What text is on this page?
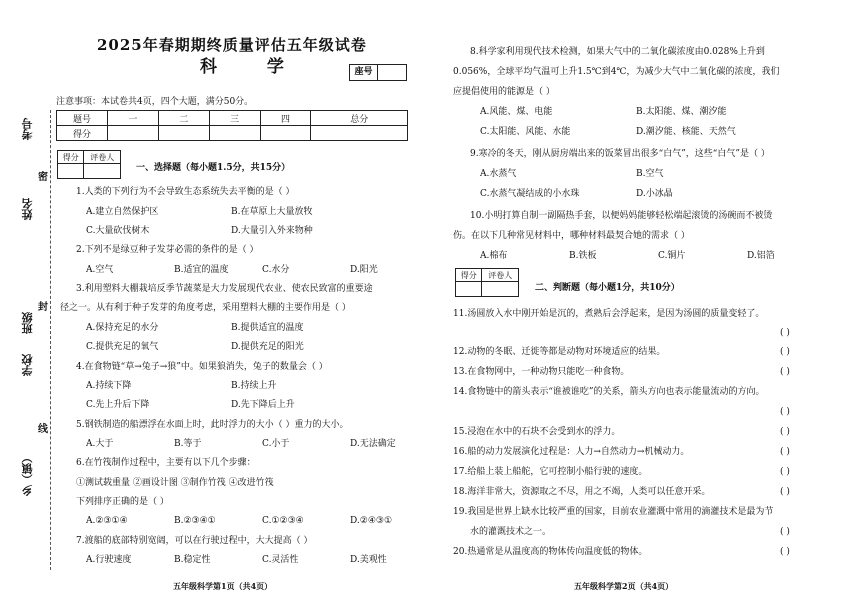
考号
姓名
班级
学校
乡（镇）
密
封
线
2025年春期期终质量评估五年级试卷
科 学	座号
注意事项：本试卷共4页，四个大题，满分50分。
题号	一	二	三	四	总分
得分					
得分	评卷人

一、选择题（每小题1.5分，共15分）
1.人类的下列行为不会导致生态系统失去平衡的是（ ）
A.建立自然保护区	B.在草原上大量放牧
C.大量砍伐树木	D.大量引入外来物种
2.下列不是绿豆种子发芽必需的条件的是（ ）
A.空气	B.适宜的温度	C.水分	D.阳光
3.利用塑料大棚栽培反季节蔬菜是大力发展现代农业、使农民致富的重要途
径之一。从有利于种子发芽的角度考虑，采用塑料大棚的主要作用是（ ）
A.保持充足的水分	B.提供适宜的温度
C.提供充足的氧气	D.提供充足的阳光
4.在食物链“草→兔子→狼”中。如果狼消失，兔子的数量会（ ）
A.持续下降	B.持续上升
C.先上升后下降	D.先下降后上升
5.钢铁制造的船漂浮在水面上时，此时浮力的大小（ ）重力的大小。
A.大于	B.等于	C.小于	D.无法确定
6.在竹筏制作过程中，主要有以下几个步骤：
①测试载重量 ②画设计图 ③制作竹筏 ④改进竹筏
下列排序正确的是（ ）
A.②③①④	B.②③④①	C.①②③④	D.②④③①
7.渡船的底部特别宽阔，可以在行驶过程中，大大提高（ ）
A.行驶速度	B.稳定性	C.灵活性	D.美观性
五年级科学第1页（共4页）
8.科学家利用现代技术检测，如果大气中的二氧化碳浓度由0.028%上升到
0.056%，全球平均气温可上升1.5℃到4℃，为减少大气中二氧化碳的浓度，我们
应提倡使用的能源是（ ）
A.风能、煤、电能	B.太阳能、煤、潮汐能
C.太阳能、风能、水能	D.潮汐能、核能、天然气
9.寒冷的冬天，刚从厨房端出来的饭菜冒出很多“白气”，这些“白气”是（ ）
A.水蒸气	B.空气
C.水蒸气凝结成的小水珠	D.小冰晶
10.小明打算自制一副隔热手套，以便妈妈能够轻松端起滚烫的汤碗而不被烫
伤。在以下几种常见材料中，哪种材料最契合她的需求（ ）
A.棉布	B.铁板	C.铜片	D.铝箔
得分	评卷人

二、判断题（每小题1分，共10分）
11.汤圆放入水中刚开始是沉的，煮熟后会浮起来，是因为汤圆的质量变轻了。
( )
12.动物的冬眠、迁徙等都是动物对环境适应的结果。	( )
13.在食物网中，一种动物只能吃一种食物。	( )
14.食物链中的箭头表示“谁被谁吃”的关系，箭头方向也表示能量流动的方向。
( )
15.浸泡在水中的石块不会受到水的浮力。	( )
16.船的动力发展演化过程是：人力→自然动力→机械动力。	( )
17.给船上装上船舵，它可控制小船行驶的速度。	( )
18.海洋非常大，资源取之不尽，用之不竭，人类可以任意开采。	( )
19.我国是世界上缺水比较严重的国家，目前农业灌溉中常用的滴灌技术是最为节
水的灌溉技术之一。	( )
20.热通常是从温度高的物体传向温度低的物体。	( )
五年级科学第2页（共4页）
